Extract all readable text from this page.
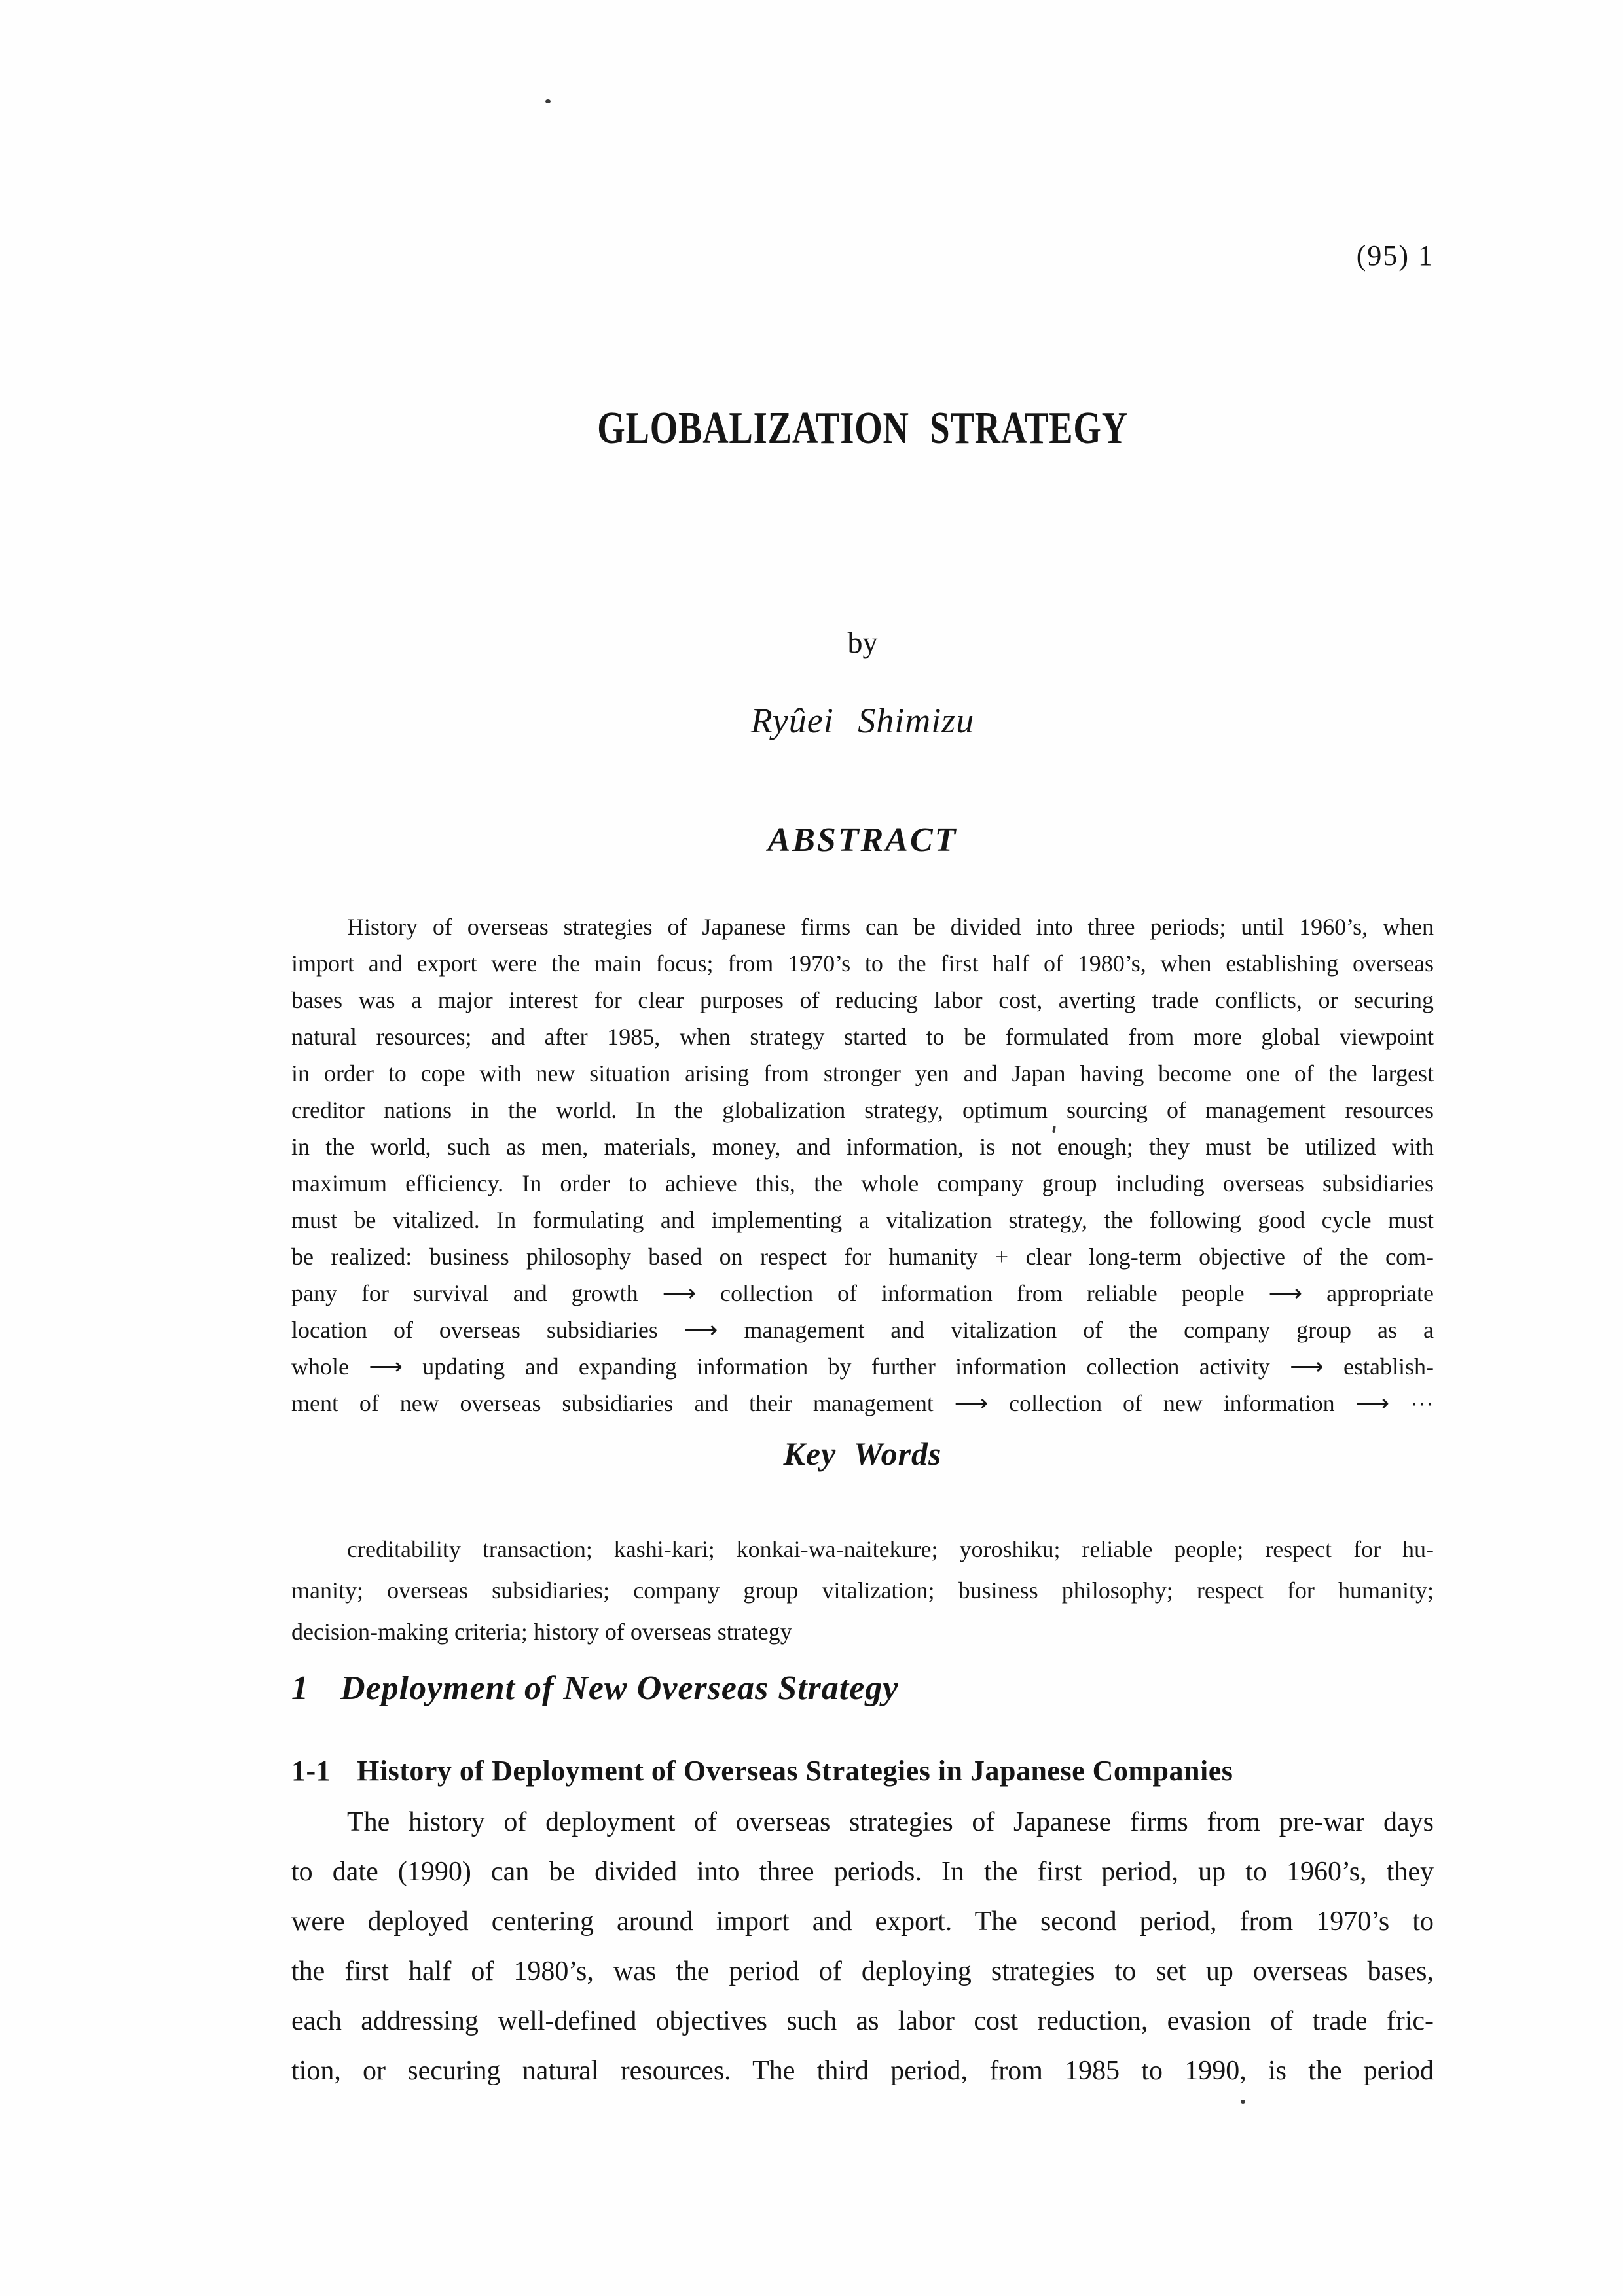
(95) 1
GLOBALIZATION STRATEGY
by
Ryûei Shimizu
ABSTRACT
History of overseas strategies of Japanese firms can be divided into three periods; until 1960’s, when
import and export were the main focus; from 1970’s to the first half of 1980’s, when establishing overseas
bases was a major interest for clear purposes of reducing labor cost, averting trade conflicts, or securing
natural resources; and after 1985, when strategy started to be formulated from more global viewpoint
in order to cope with new situation arising from stronger yen and Japan having become one of the largest
creditor nations in the world. In the globalization strategy, optimum sourcing of management resources
in the world, such as men, materials, money, and information, is not enough; they must be utilized with
maximum efficiency. In order to achieve this, the whole company group including overseas subsidiaries
must be vitalized. In formulating and implementing a vitalization strategy, the following good cycle must
be realized: business philosophy based on respect for humanity + clear long-term objective of the com-
pany for survival and growth ⟶ collection of information from reliable people ⟶ appropriate
location of overseas subsidiaries ⟶ management and vitalization of the company group as a
whole ⟶ updating and expanding information by further information collection activity ⟶ establish-
ment of new overseas subsidiaries and their management ⟶ collection of new information ⟶ ⋯
Key Words
creditability transaction; kashi-kari; konkai-wa-naitekure; yoroshiku; reliable people; respect for hu-
manity; overseas subsidiaries; company group vitalization; business philosophy; respect for humanity;
decision-making criteria; history of overseas strategy
1 Deployment of New Overseas Strategy
1-1 History of Deployment of Overseas Strategies in Japanese Companies
The history of deployment of overseas strategies of Japanese firms from pre-war days
to date (1990) can be divided into three periods. In the first period, up to 1960’s, they
were deployed centering around import and export. The second period, from 1970’s to
the first half of 1980’s, was the period of deploying strategies to set up overseas bases,
each addressing well-defined objectives such as labor cost reduction, evasion of trade fric-
tion, or securing natural resources. The third period, from 1985 to 1990, is the period
